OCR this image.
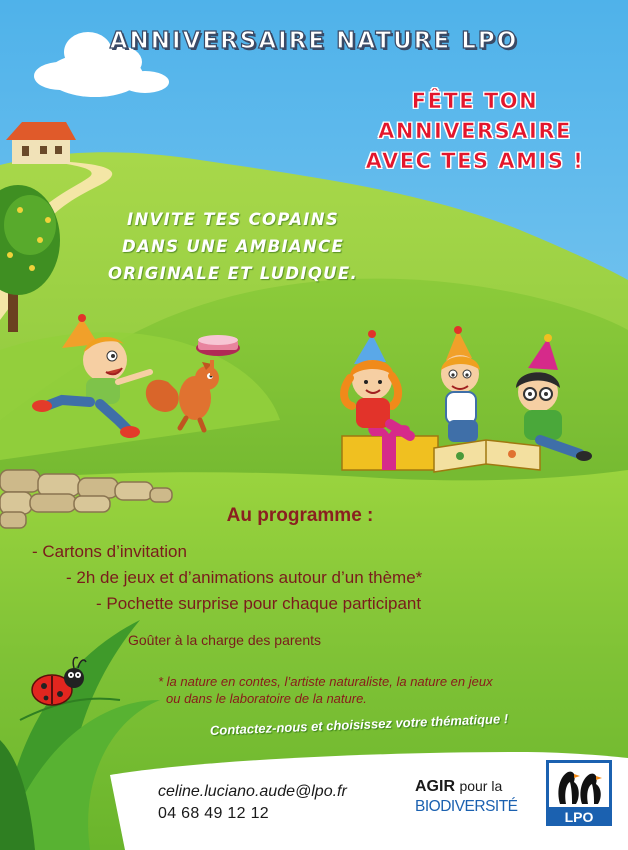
ANNIVERSAIRE NATURE LPO
FÊTE TON
ANNIVERSAIRE
AVEC TES AMIS !
INVITE TES COPAINS
DANS UNE AMBIANCE
ORIGINALE ET LUDIQUE.
Au programme :
- Cartons d’invitation
- 2h de jeux et d’animations autour d’un thème*
- Pochette surprise pour chaque participant
Goûter à la charge des parents
* la nature en contes, l’artiste naturaliste, la nature en jeux
ou dans le laboratoire de la nature.
Contactez-nous et choisissez votre thématique !
celine.luciano.aude@lpo.fr
04 68 49 12 12
AGIR pour la
BIODIVERSITÉ
LPO
